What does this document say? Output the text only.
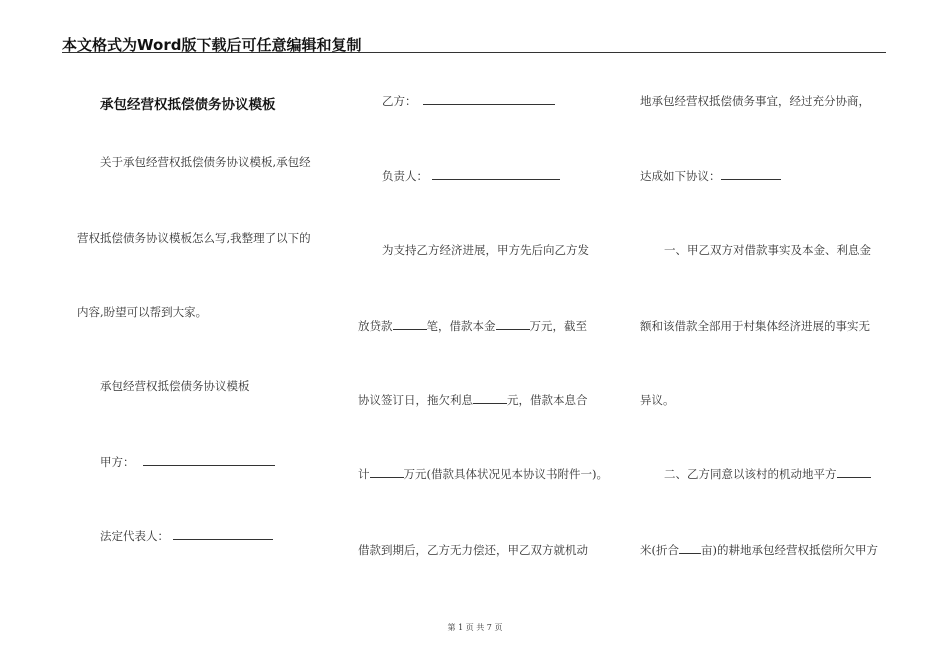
本文格式为Word版下载后可任意编辑和复制
承包经营权抵偿债务协议模板
关于承包经营权抵偿债务协议模板,承包经
营权抵偿债务协议模板怎么写,我整理了以下的
内容,盼望可以帮到大家。
承包经营权抵偿债务协议模板
甲方：
法定代表人：
乙方：
负责人：
为支持乙方经济进展，甲方先后向乙方发
放贷款	笔，借款本金	万元，截至
协议签订日，拖欠利息	元，借款本息合
计	万元(借款具体状况见本协议书附件一)。
借款到期后，乙方无力偿还，甲乙双方就机动
地承包经营权抵偿债务事宜，经过充分协商，
达成如下协议：
一、甲乙双方对借款事实及本金、利息金
额和该借款全部用于村集体经济进展的事实无
异议。
二、乙方同意以该村的机动地平方
米(折合 亩)的耕地承包经营权抵偿所欠甲方
第 1 页 共 7 页
